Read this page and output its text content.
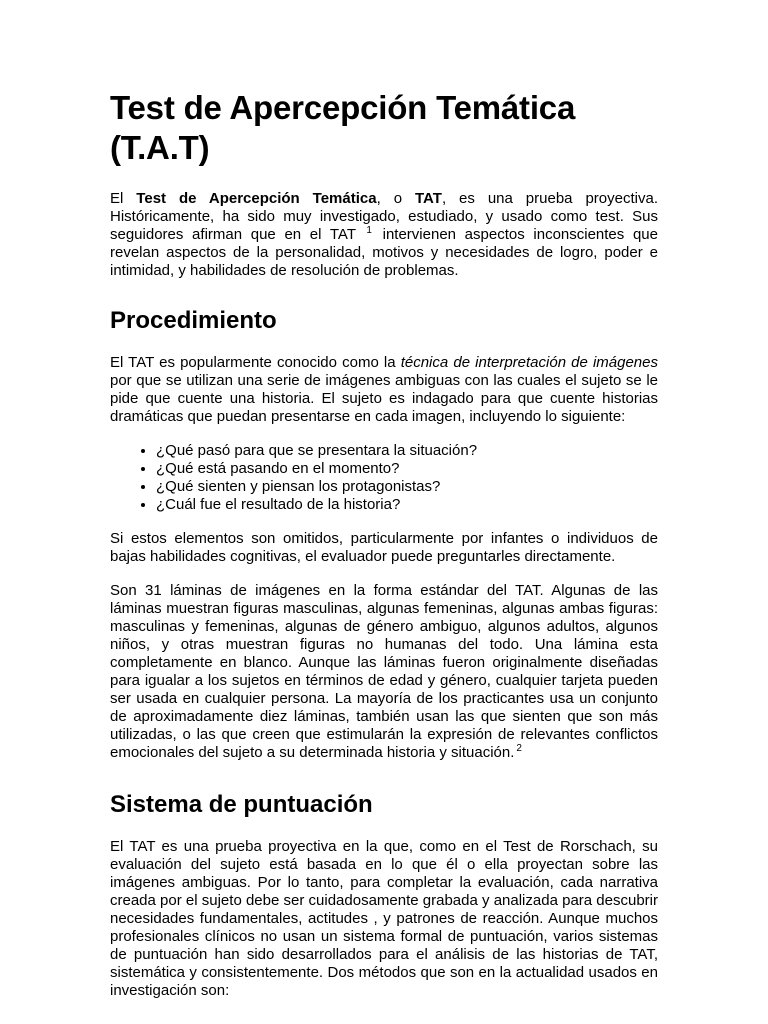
Test de Apercepción Temática (T.A.T)

El Test de Apercepción Temática, o TAT, es una prueba proyectiva. Históricamente, ha sido muy investigado, estudiado, y usado como test. Sus seguidores afirman que en el TAT $^1$ intervienen aspectos inconscientes que revelan aspectos de la personalidad, motivos y necesidades de logro, poder e intimidad, y habilidades de resolución de problemas.

Procedimiento

El TAT es popularmente conocido como la técnica de interpretación de imágenes por que se utilizan una serie de imágenes ambiguas con las cuales el sujeto se le pide que cuente una historia. El sujeto es indagado para que cuente historias dramáticas que puedan presentarse en cada imagen, incluyendo lo siguiente:

• ¿Qué pasó para que se presentara la situación?
• ¿Qué está pasando en el momento?
• ¿Qué sienten y piensan los protagonistas?
• ¿Cuál fue el resultado de la historia?

Si estos elementos son omitidos, particularmente por infantes o individuos de bajas habilidades cognitivas, el evaluador puede preguntarles directamente.

Son 31 láminas de imágenes en la forma estándar del TAT. Algunas de las láminas muestran figuras masculinas, algunas femeninas, algunas ambas figuras: masculinas y femeninas, algunas de género ambiguo, algunos adultos, algunos niños, y otras muestran figuras no humanas del todo. Una lámina esta completamente en blanco. Aunque las láminas fueron originalmente diseñadas para igualar a los sujetos en términos de edad y género, cualquier tarjeta pueden ser usada en cualquier persona. La mayoría de los practicantes usa un conjunto de aproximadamente diez láminas, también usan las que sienten que son más utilizadas, o las que creen que estimularán la expresión de relevantes conflictos emocionales del sujeto a su determinada historia y situación. $^2$

Sistema de puntuación

El TAT es una prueba proyectiva en la que, como en el Test de Rorschach, su evaluación del sujeto está basada en lo que él o ella proyectan sobre las imágenes ambiguas. Por lo tanto, para completar la evaluación, cada narrativa creada por el sujeto debe ser cuidadosamente grabada y analizada para descubrir necesidades fundamentales, actitudes , y patrones de reacción. Aunque muchos profesionales clínicos no usan un sistema formal de puntuación, varios sistemas de puntuación han sido desarrollados para el análisis de las historias de TAT, sistemática y consistentemente. Dos métodos que son en la actualidad usados en investigación son:
